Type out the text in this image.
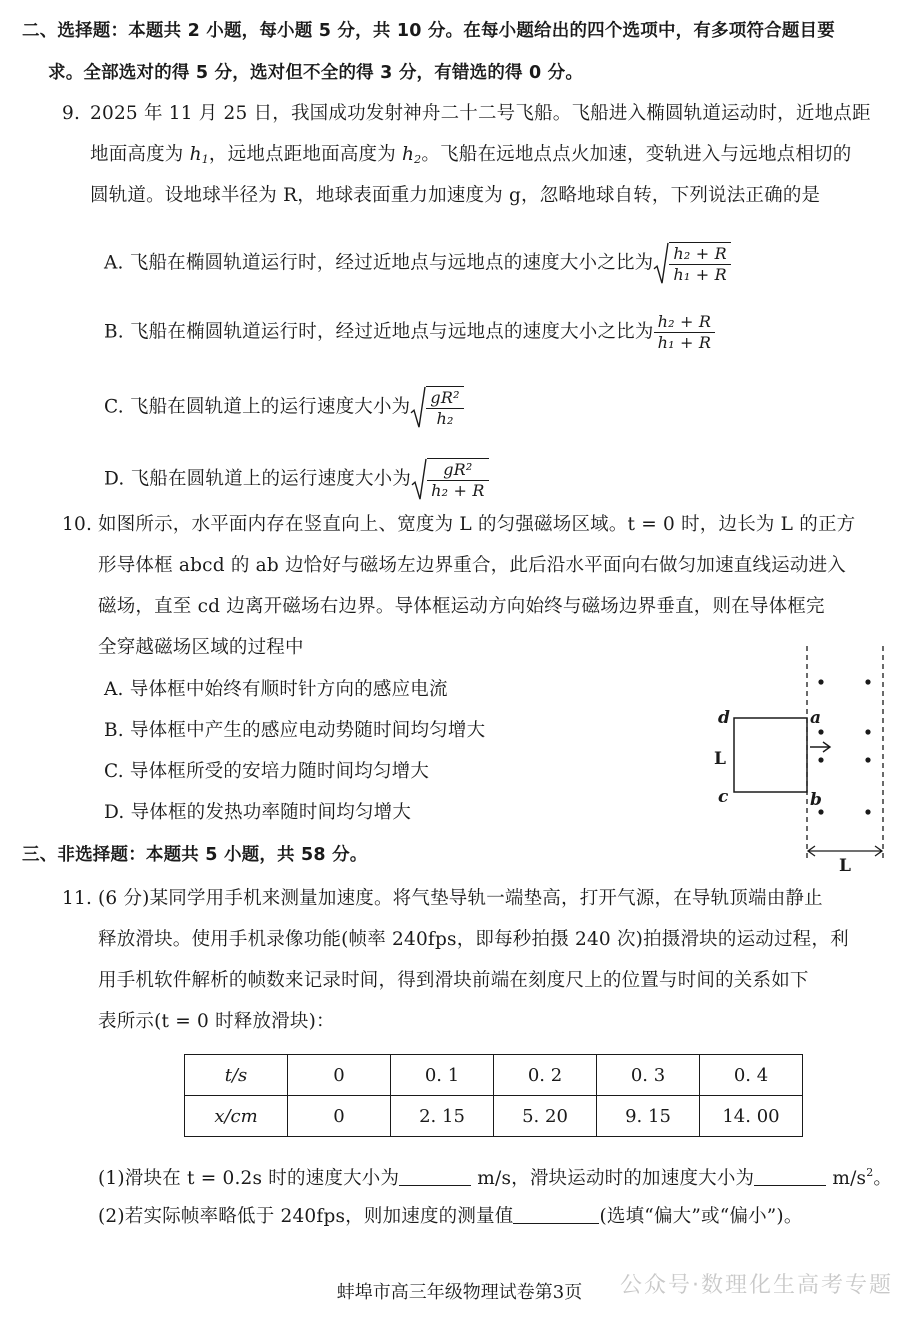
二、选择题：本题共 2 小题，每小题 5 分，共 10 分。在每小题给出的四个选项中，有多项符合题目要
求。全部选对的得 5 分，选对但不全的得 3 分，有错选的得 0 分。
9. 2025 年 11 月 25 日，我国成功发射神舟二十二号飞船。飞船进入椭圆轨道运动时，近地点距
地面高度为 $h_1$，远地点距地面高度为 $h_2$。飞船在远地点点火加速，变轨进入与远地点相切的
圆轨道。设地球半径为 R，地球表面重力加速度为 g，忽略地球自转，下列说法正确的是
A. 飞船在椭圆轨道运行时，经过近地点与远地点的速度大小之比为 $\frac{\text{h₂ + R}}{\text{h₁ + R}}$
B. 飞船在椭圆轨道运行时，经过近地点与远地点的速度大小之比为 $\frac{\text{h₂ + R}}{\text{h₁ + R}}$
C. 飞船在圆轨道上的运行速度大小为 $\frac{\text{gR²}}{\text{h₂}}$
D. 飞船在圆轨道上的运行速度大小为 $\frac{\text{gR²}}{\text{h₂ + R}}$
10. 如图所示，水平面内存在竖直向上、宽度为 L 的匀强磁场区域。t = 0 时，边长为 L 的正方
形导体框 abcd 的 ab 边恰好与磁场左边界重合，此后沿水平面向右做匀加速直线运动进入
磁场，直至 cd 边离开磁场右边界。导体框运动方向始终与磁场边界垂直，则在导体框完
全穿越磁场区域的过程中
A. 导体框中始终有顺时针方向的感应电流
B. 导体框中产生的感应电动势随时间均匀增大
C. 导体框所受的安培力随时间均匀增大
D. 导体框的发热功率随时间均匀增大
d	a
c	b
L
L
三、非选择题：本题共 5 小题，共 58 分。
11. (6 分)某同学用手机来测量加速度。将气垫导轨一端垫高，打开气源，在导轨顶端由静止
释放滑块。使用手机录像功能(帧率 240fps，即每秒拍摄 240 次)拍摄滑块的运动过程，利
用手机软件解析的帧数来记录时间，得到滑块前端在刻度尺上的位置与时间的关系如下
表所示(t = 0 时释放滑块)：
t/s	0	0. 1	0. 2	0. 3	0. 4
x/cm	0	2. 15	5. 20	9. 15	14. 00
(1)滑块在 t = 0.2s 时的速度大小为	m/s，滑块运动时的加速度大小为	$m/s^2$。
(2)若实际帧率略低于 240fps，则加速度的测量值	(选填“偏大”或“偏小”)。
公众号·数理化生高考专题
蚌埠市高三年级物理试卷第3页
